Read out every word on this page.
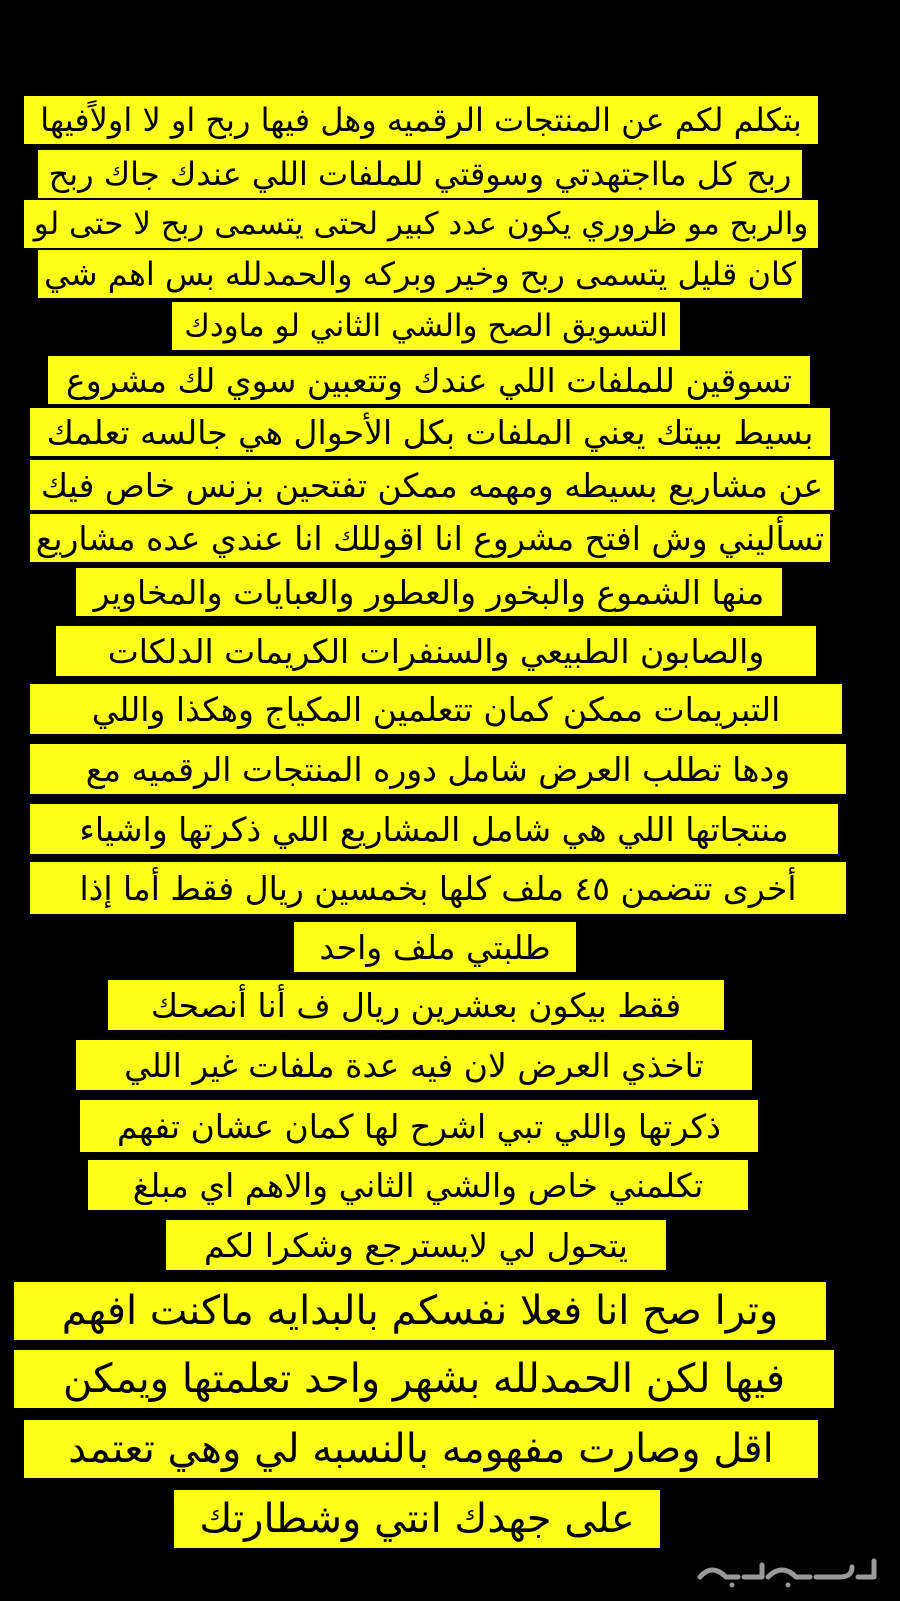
بتكلم لكم عن المنتجات الرقميه وهل فيها ربح او لا اولاًفيها
ربح كل مااجتهدتي وسوقتي للملفات اللي عندك جاك ربح
والربح مو ظروري يكون عدد كبير لحتى يتسمى ربح لا حتى لو
كان قليل يتسمى ربح وخير وبركه والحمدلله بس اهم شي
التسويق الصح والشي الثاني لو ماودك
تسوقين للملفات اللي عندك وتتعبين سوي لك مشروع
بسيط ببيتك يعني الملفات بكل الأحوال هي جالسه تعلمك
عن مشاريع بسيطه ومهمه ممكن تفتحين بزنس خاص فيك
تسأليني وش افتح مشروع انا اقوللك انا عندي عده مشاريع
منها الشموع والبخور والعطور والعبايات والمخاوير
والصابون الطبيعي والسنفرات الكريمات الدلكات
التبريمات ممكن كمان تتعلمين المكياج وهكذا واللي
ودها تطلب العرض شامل دوره المنتجات الرقميه مع
منتجاتها اللي هي شامل المشاريع اللي ذكرتها واشياء
أخرى تتضمن ٤٥ ملف كلها بخمسين ريال فقط أما إذا
طلبتي ملف واحد
فقط بيكون بعشرين ريال ف أنا أنصحك
تاخذي العرض لان فيه عدة ملفات غير اللي
ذكرتها واللي تبي اشرح لها كمان عشان تفهم
تكلمني خاص والشي الثاني والاهم اي مبلغ
يتحول لي لايسترجع وشكرا لكم
وترا صح انا فعلا نفسكم بالبدايه ماكنت افهم
فيها لكن الحمدلله بشهر واحد تعلمتها ويمكن
اقل وصارت مفهومه بالنسبه لي وهي تعتمد
على جهدك انتي وشطارتك
